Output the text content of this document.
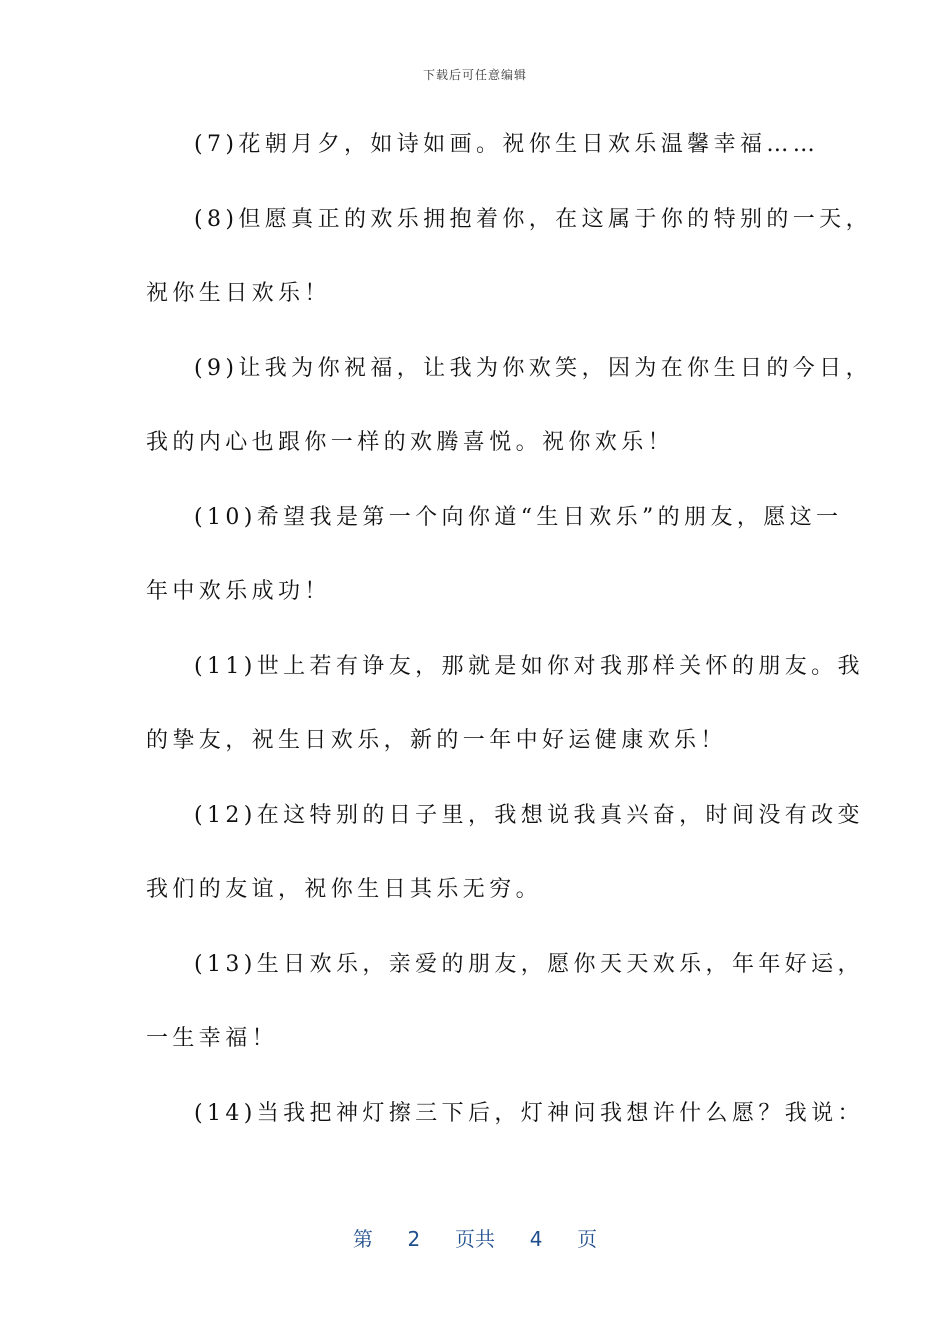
下载后可任意编辑
(7)花朝月夕，如诗如画。祝你生日欢乐温馨幸福……
(8)但愿真正的欢乐拥抱着你，在这属于你的特别的一天，
祝你生日欢乐！
(9)让我为你祝福，让我为你欢笑，因为在你生日的今日，
我的内心也跟你一样的欢腾喜悦。祝你欢乐！
(10)希望我是第一个向你道“生日欢乐”的朋友，愿这一
年中欢乐成功！
(11)世上若有诤友，那就是如你对我那样关怀的朋友。我
的挚友，祝生日欢乐，新的一年中好运健康欢乐！
(12)在这特别的日子里，我想说我真兴奋，时间没有改变
我们的友谊，祝你生日其乐无穷。
(13)生日欢乐，亲爱的朋友，愿你天天欢乐，年年好运，
一生幸福！
(14)当我把神灯擦三下后，灯神问我想许什么愿？我说：
第 2 页共 4 页
